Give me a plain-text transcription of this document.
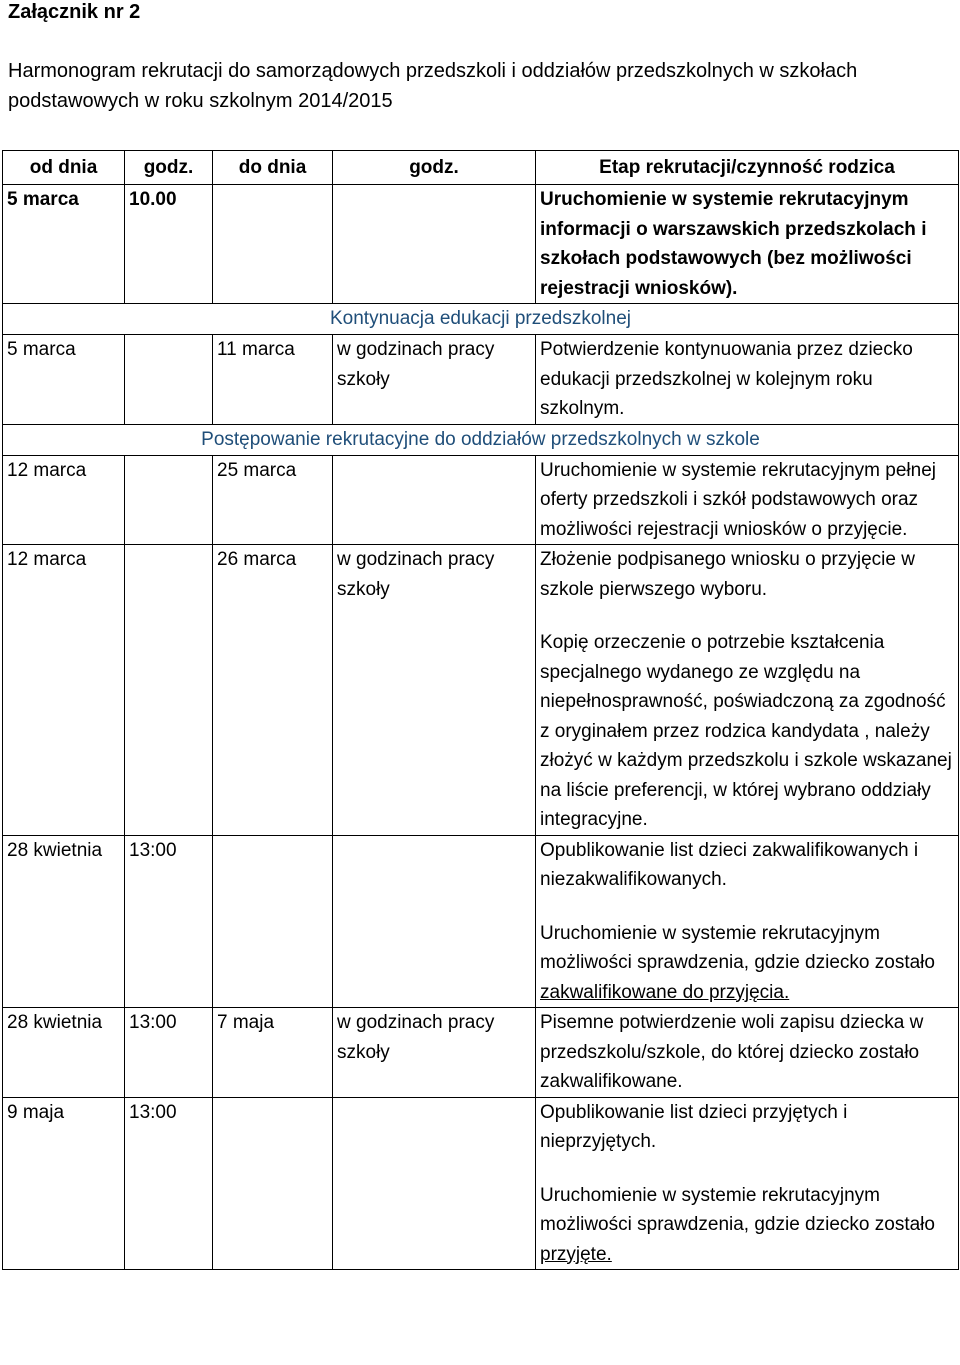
Załącznik nr 2
Harmonogram rekrutacji do samorządowych przedszkoli i oddziałów przedszkolnych w szkołach podstawowych w roku szkolnym 2014/2015
od dnia	godz.	do dnia	godz.	Etap rekrutacji/czynność rodzica
5 marca	10.00			Uruchomienie w systemie rekrutacyjnym informacji o warszawskich przedszkolach i szkołach podstawowych (bez możliwości rejestracji wniosków).
Kontynuacja edukacji przedszkolnej				
5 marca		11 marca	w godzinach pracy szkoły	Potwierdzenie kontynuowania przez dziecko edukacji przedszkolnej w kolejnym roku szkolnym.
Postępowanie rekrutacyjne do oddziałów przedszkolnych w szkole				
12 marca		25 marca		Uruchomienie w systemie rekrutacyjnym pełnej oferty przedszkoli i szkół podstawowych oraz możliwości rejestracji wniosków o przyjęcie.
12 marca		26 marca	w godzinach pracy szkoły	Złożenie podpisanego wniosku o przyjęcie w szkole pierwszego wyboru.
Kopię orzeczenie o potrzebie kształcenia specjalnego wydanego ze względu na niepełnosprawność, poświadczoną za zgodność z oryginałem przez rodzica kandydata , należy złożyć w każdym przedszkolu i szkole wskazanej na liście preferencji, w której wybrano oddziały integracyjne.
28 kwietnia	13:00			Opublikowanie list dzieci zakwalifikowanych i niezakwalifikowanych.
Uruchomienie w systemie rekrutacyjnym możliwości sprawdzenia, gdzie dziecko zostało zakwalifikowane do przyjęcia.
28 kwietnia	13:00	7 maja	w godzinach pracy szkoły	Pisemne potwierdzenie woli zapisu dziecka w przedszkolu/szkole, do której dziecko zostało zakwalifikowane.
9 maja	13:00			Opublikowanie list dzieci przyjętych i nieprzyjętych.
Uruchomienie w systemie rekrutacyjnym możliwości sprawdzenia, gdzie dziecko zostało przyjęte.
